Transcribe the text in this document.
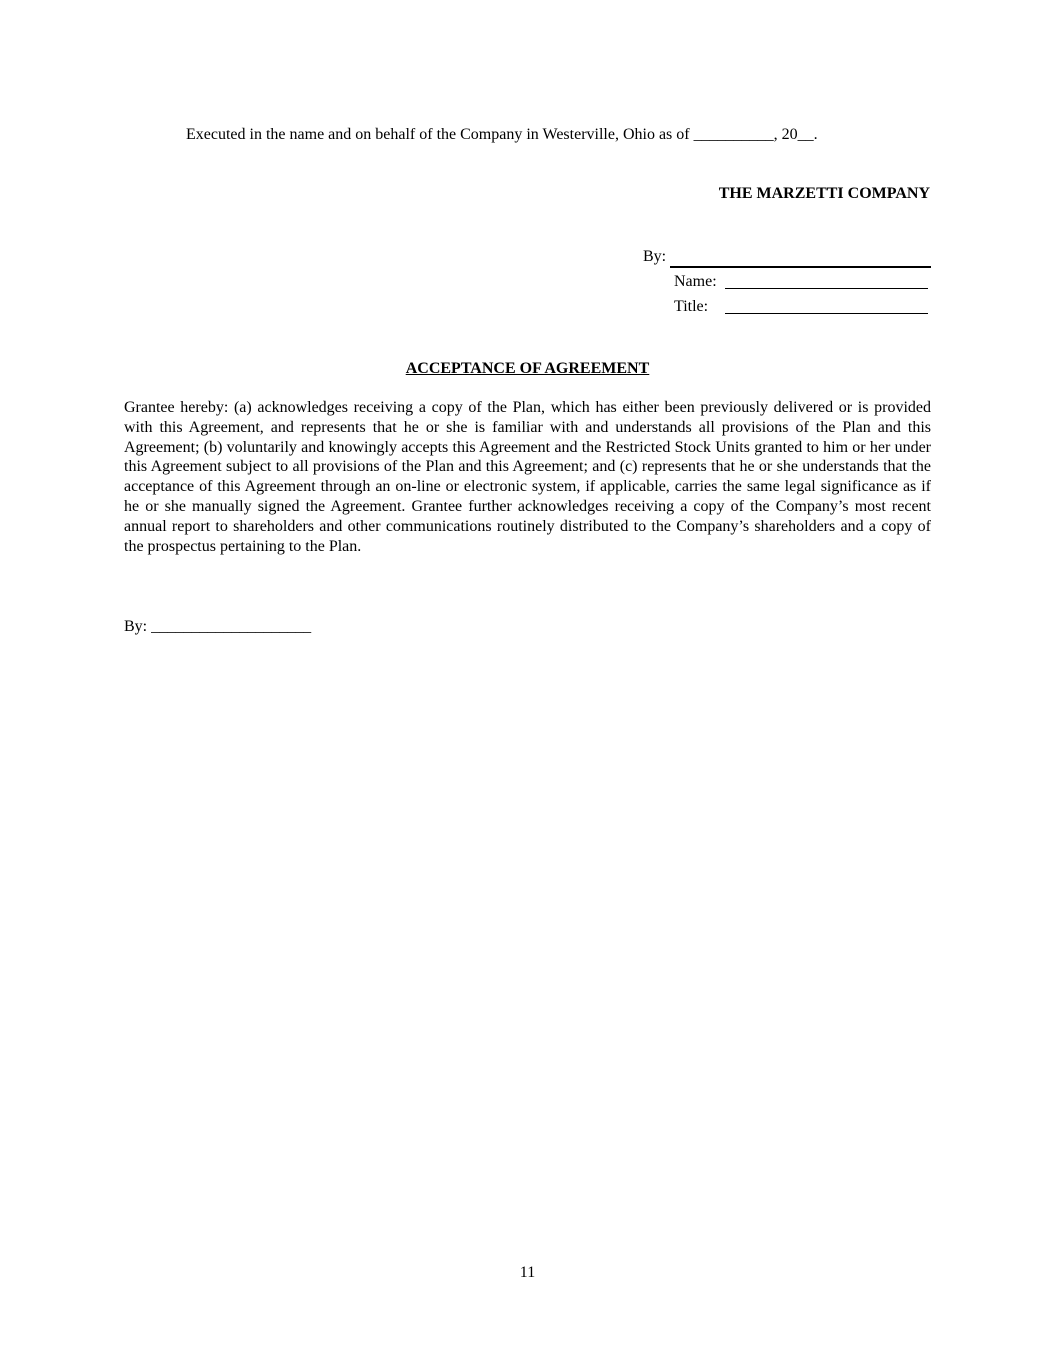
Executed in the name and on behalf of the Company in Westerville, Ohio as of __________, 20__.
THE MARZETTI COMPANY
By:
Name:
Title:
ACCEPTANCE OF AGREEMENT

Grantee hereby: (a) acknowledges receiving a copy of the Plan, which has either been previously delivered or is provided with this Agreement, and represents that he or she is familiar with and understands all provisions of the Plan and this Agreement; (b) voluntarily and knowingly accepts this Agreement and the Restricted Stock Units granted to him or her under this Agreement subject to all provisions of the Plan and this Agreement; and (c) represents that he or she understands that the acceptance of this Agreement through an on-line or electronic system, if applicable, carries the same legal significance as if he or she manually signed the Agreement. Grantee further acknowledges receiving a copy of the Company’s most recent annual report to shareholders and other communications routinely distributed to the Company’s shareholders and a copy of the prospectus pertaining to the Plan.

By: ____________________
11
